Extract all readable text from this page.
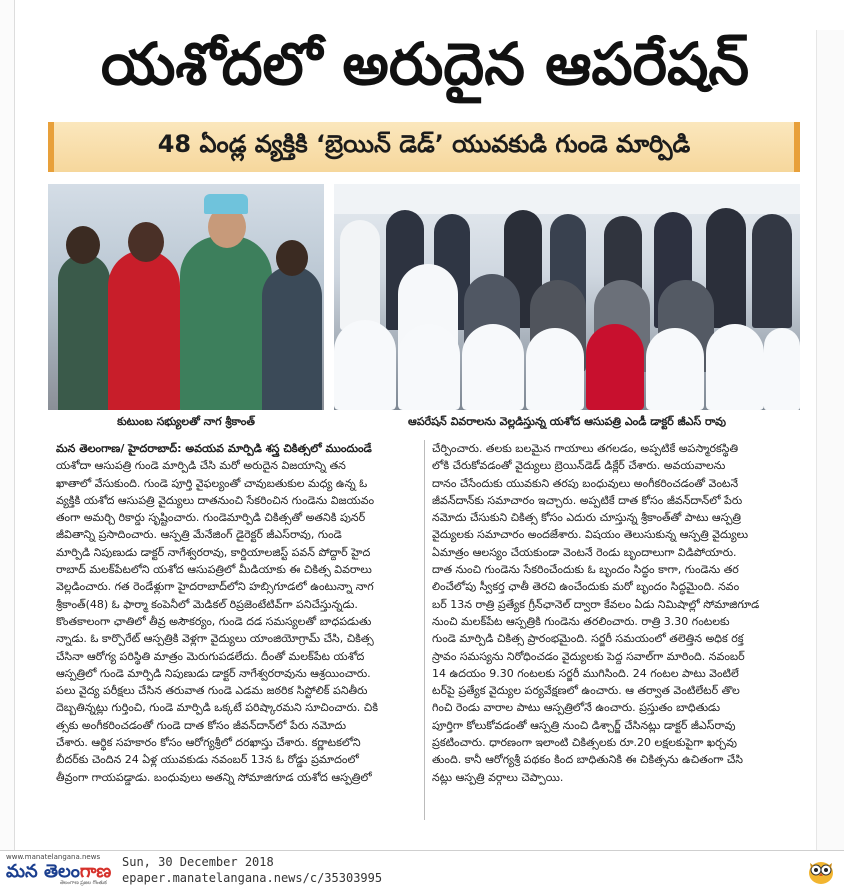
యశోదలో అరుదైన ఆపరేషన్
48 ఏండ్ల వ్యక్తికి ‘బ్రెయిన్ డెడ్’ యువకుడి గుండె మార్పిడి
కుటుంబ సభ్యులతో నాగ శ్రీకాంత్	ఆపరేషన్ వివరాలను వెల్లడిస్తున్న యశోద ఆసుపత్రి ఎండీ డాక్టర్ జీఎస్ రావు
మన తెలంగాణ/ హైదరాబాద్: అవయవ మార్పిడి శస్త్ర చికిత్సలో ముందుండే
యశోదా ఆసుపత్రి గుండె మార్పిడి చేసి మరో అరుదైన విజయాన్ని తన
ఖాతాలో వేసుకుంది. గుండె పూర్తి వైఫల్యంతో చావుబతుకుల మధ్య ఉన్న ఓ
వ్యక్తికి యశోద ఆసుపత్రి వైద్యులు దాతనుంచి సేకరించిన గుండెను విజయవం
తంగా అమర్చి రికార్డు సృష్టించారు. గుండెమార్పిడి చికిత్సతో అతనికి పునర్
జీవితాన్ని ప్రసాదించారు. ఆస్పత్రి మేనేజింగ్ డైరెక్టర్ జీఎస్‌రావు, గుండె
మార్పిడి నిపుణుడు డాక్టర్ నాగేశ్వరరావు, కార్డియాలజిస్ట్ పవన్ పోద్దార్ హైద
రాబాద్ మలక్‌పేటలోని యశోద ఆసుపత్రిలో మీడియాకు ఈ చికిత్స వివరాలు
వెల్లడించారు. గత రెండేళ్లుగా హైదరాబాద్‌లోని హబ్సిగూడలో ఉంటున్నా నాగ
శ్రీకాంత్(48) ఓ ఫార్మా కంపెనీలో మెడికల్ రిప్రజెంటేటివ్‌గా పనిచేస్తున్నడు.
కొంతకాలంగా ఛాతిలో తీవ్ర అసౌకర్యం, గుండె దడ సమస్యలతో బాధపడుతు
న్నాడు. ఓ కార్పొరేట్ ఆస్పత్రికి వెళ్లగా వైద్యులు యాంజియోగ్రామ్ చేసి, చికిత్స
చేసినా ఆరోగ్య పరిస్థితి మాత్రం మెరుగుపడలేదు. దీంతో మలక్‌పేట యశోద
ఆస్పత్రిలో గుండె మార్పిడి నిపుణుడు డాక్టర్ నాగేశ్వరరావును ఆశ్రయించారు.
పలు వైద్య పరీక్షలు చేసిన తరువాత గుండె ఎడమ జఠరిక సిస్టోలిక్ పనితీరు
దెబ్బతిన్నట్లు గుర్తించి, గుండె మార్పిడి ఒక్కటే పరిష్కారమని సూచించారు. చికి
త్సకు అంగీకరించడంతో గుండె దాత కోసం జీవన్‌దాన్‌లో పేరు నమోదు
చేశారు. ఆర్థిక సహకారం కోసం ఆరోగ్యశ్రీలో దరఖాస్తు చేశారు. కర్ణాటకలోని
బీదర్‌కు చెందిన 24 ఏళ్ల యువకుడు నవంబర్ 13న ఓ రోడ్డు ప్రమాదంలో
తీవ్రంగా గాయపడ్డాడు. బంధువులు అతన్ని సోమాజిగూడ యశోద ఆస్పత్రిలో
చేర్పించారు. తలకు బలమైన గాయాలు తగలడం, అప్పటికే అపస్మారకస్థితి
లోకి చేరుకోవడంతో వైద్యులు బ్రెయిన్‌డెడ్ డిక్లేర్ చేశారు. అవయవాలను
దానం చేసేందుకు యువకుని తరపు బంధువులు అంగీకరించడంతో వెంటనే
జీవన్‌దాన్‌కు సమాచారం ఇచ్చారు. అప్పటికే దాత కోసం జీవన్‌దాన్‌లో పేరు
నమోదు చేసుకుని చికిత్స కోసం ఎదురు చూస్తున్న శ్రీకాంత్‌తో పాటు ఆస్పత్రి
వైద్యులకు సమాచారం అందజేశారు. విషయం తెలుసుకున్న ఆస్పత్రి వైద్యులు
ఏమాత్రం ఆలస్యం చేయకుండా వెంటనే రెండు బృందాలుగా విడిపోయారు.
దాత నుంచి గుండెను సేకరించేందుకు ఓ బృందం సిద్ధం కాగా, గుండెను తర
లించేలోపు స్వీకర్త ఛాతీ తెరచి ఉంచేందుకు మరో బృందం సిద్ధమైంది. నవం
బర్ 13న రాత్రి ప్రత్యేక గ్రీన్‌ఛానెల్ ద్వారా కేవలం ఏడు నిమిషాల్లో సోమాజిగూడ
నుంచి మలక్‌పేట ఆస్పత్రికి గుండెను తరలించారు. రాత్రి 3.30 గంటలకు
గుండె మార్పిడి చికిత్స ప్రారంభమైంది. సర్జరీ సమయంలో తలెత్తిన అధిక రక్త
స్రావం సమస్యను నిరోధించడం వైద్యులకు పెద్ద సవాల్‌గా మారింది. నవంబర్
14 ఉదయం 9.30 గంటలకు సర్జరీ ముగిసింది. 24 గంటల పాటు వెంటిలే
టర్‌పై ప్రత్యేక వైద్యుల పర్యవేక్షణలో ఉంచారు. ఆ తర్వాత వెంటిలేటర్ తొల
గించి రెండు వారాల పాటు ఆస్పత్రిలోనే ఉంచారు. ప్రస్తుతం బాధితుడు
పూర్తిగా కోలుకోవడంతో ఆస్పత్రి నుంచి డిశ్చార్జ్ చేసినట్లు డాక్టర్ జీఎస్‌రావు
ప్రకటించారు. ధారణంగా ఇలాంటి చికిత్సలకు రూ.20 లక్షలకుపైగా ఖర్చవు
తుంది. కానీ ఆరోగ్యశ్రీ పథకం కింద బాధితునికి ఈ చికిత్సను ఉచితంగా చేసి
నట్లు ఆస్పత్రి వర్గాలు చెప్పాయి.
www.manatelangana.news
మన తెలంగాణ
తెలంగాణ ప్రజల గొంతుక
Sun, 30 December 2018
epaper.manatelangana.news/c/35303995
